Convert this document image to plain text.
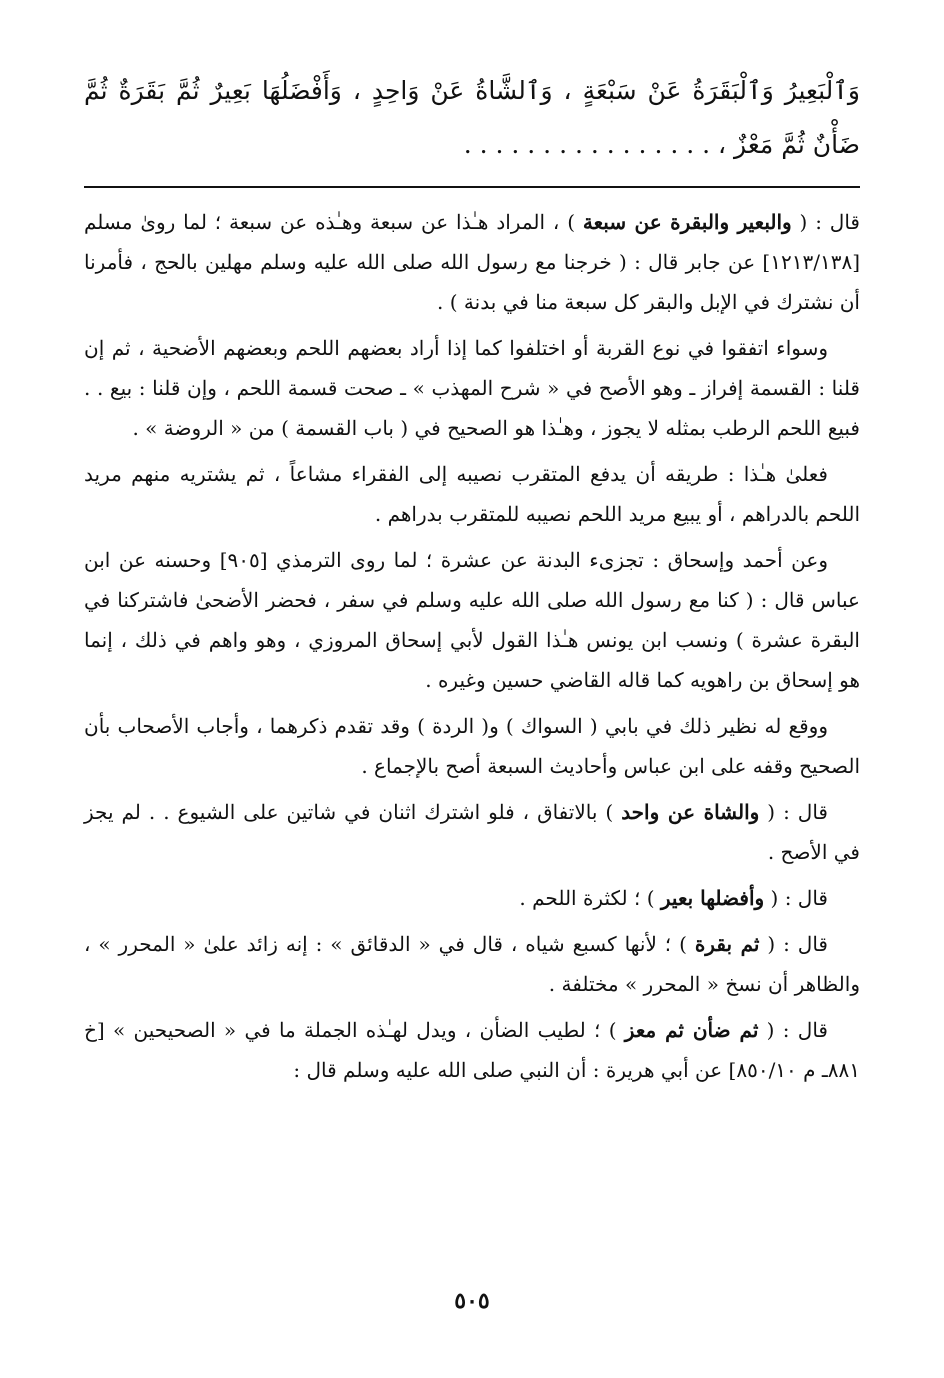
وَٱلْبَعِيرُ وَٱلْبَقَرَةُ عَنْ سَبْعَةٍ ، وَٱلشَّاةُ عَنْ وَاحِدٍ ، وَأَفْضَلُهَا بَعِيرٌ ثُمَّ بَقَرَةٌ ثُمَّ ضَأْنٌ ثُمَّ مَعْزٌ ، . . . . . . . . . . . . . . . .

قال : ( والبعير والبقرة عن سبعة ) ، المراد هـٰذا عن سبعة وهـٰذه عن سبعة ؛ لما روىٰ مسلم [١٢١٣/١٣٨] عن جابر قال : ( خرجنا مع رسول الله صلى الله عليه وسلم مهلين بالحج ، فأمرنا أن نشترك في الإبل والبقر كل سبعة منا في بدنة ) .

وسواء اتفقوا في نوع القربة أو اختلفوا كما إذا أراد بعضهم اللحم وبعضهم الأضحية ، ثم إن قلنا : القسمة إفراز ـ وهو الأصح في « شرح المهذب » ـ صحت قسمة اللحم ، وإن قلنا : بيع . . فبيع اللحم الرطب بمثله لا يجوز ، وهـٰذا هو الصحيح في ( باب القسمة ) من « الروضة » .

فعلىٰ هـٰذا : طريقه أن يدفع المتقرب نصيبه إلى الفقراء مشاعاً ، ثم يشتريه منهم مريد اللحم بالدراهم ، أو يبيع مريد اللحم نصيبه للمتقرب بدراهم .

وعن أحمد وإسحاق : تجزىء البدنة عن عشرة ؛ لما روى الترمذي [٩٠٥] وحسنه عن ابن عباس قال : ( كنا مع رسول الله صلى الله عليه وسلم في سفر ، فحضر الأضحىٰ فاشتركنا في البقرة عشرة ) ونسب ابن يونس هـٰذا القول لأبي إسحاق المروزي ، وهو واهم في ذلك ، إنما هو إسحاق بن راهويه كما قاله القاضي حسين وغيره .

ووقع له نظير ذلك في بابي ( السواك ) و( الردة ) وقد تقدم ذكرهما ، وأجاب الأصحاب بأن الصحيح وقفه على ابن عباس وأحاديث السبعة أصح بالإجماع .

قال : ( والشاة عن واحد ) بالاتفاق ، فلو اشترك اثنان في شاتين على الشيوع . . لم يجز في الأصح .

قال : ( وأفضلها بعير ) ؛ لكثرة اللحم .

قال : ( ثم بقرة ) ؛ لأنها كسبع شياه ، قال في « الدقائق » : إنه زائد علىٰ « المحرر » ، والظاهر أن نسخ « المحرر » مختلفة .

قال : ( ثم ضأن ثم معز ) ؛ لطيب الضأن ، ويدل لهـٰذه الجملة ما في « الصحيحين » [خ ٨٨١ـ م ٨٥٠/١٠] عن أبي هريرة : أن النبي صلى الله عليه وسلم قال :

٥٠٥
